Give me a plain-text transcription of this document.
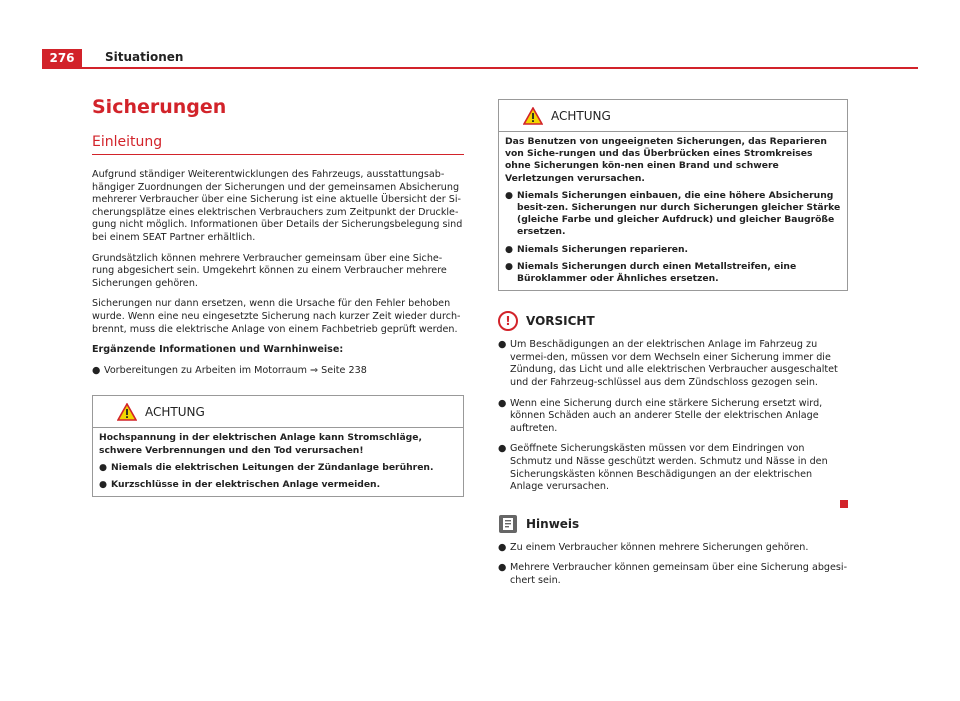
276	Situationen
Sicherungen
Einleitung

Aufgrund ständiger Weiterentwicklungen des Fahrzeugs, ausstattungsab-hängiger Zuordnungen der Sicherungen und der gemeinsamen Absicherung mehrerer Verbraucher über eine Sicherung ist eine aktuelle Übersicht der Si-cherungsplätze eines elektrischen Verbrauchers zum Zeitpunkt der Druckle-gung nicht möglich. Informationen über Details der Sicherungsbelegung sind bei einem SEAT Partner erhältlich.

Grundsätzlich können mehrere Verbraucher gemeinsam über eine Siche-rung abgesichert sein. Umgekehrt können zu einem Verbraucher mehrere Sicherungen gehören.

Sicherungen nur dann ersetzen, wenn die Ursache für den Fehler behoben wurde. Wenn eine neu eingesetzte Sicherung nach kurzer Zeit wieder durch-brennt, muss die elektrische Anlage von einem Fachbetrieb geprüft werden.

Ergänzende Informationen und Warnhinweise:

● Vorbereitungen zu Arbeiten im Motorraum ⇒ Seite 238

ACHTUNG

Hochspannung in der elektrischen Anlage kann Stromschläge, schwere Verbrennungen und den Tod verursachen!

● Niemals die elektrischen Leitungen der Zündanlage berühren.

● Kurzschlüsse in der elektrischen Anlage vermeiden.

ACHTUNG

Das Benutzen von ungeeigneten Sicherungen, das Reparieren von Siche-rungen und das Überbrücken eines Stromkreises ohne Sicherungen kön-nen einen Brand und schwere Verletzungen verursachen.

● Niemals Sicherungen einbauen, die eine höhere Absicherung besit-zen. Sicherungen nur durch Sicherungen gleicher Stärke (gleiche Farbe und gleicher Aufdruck) und gleicher Baugröße ersetzen.

● Niemals Sicherungen reparieren.

● Niemals Sicherungen durch einen Metallstreifen, eine Büroklammer oder Ähnliches ersetzen.

!	VORSICHT
● Um Beschädigungen an der elektrischen Anlage im Fahrzeug zu vermei-den, müssen vor dem Wechseln einer Sicherung immer die Zündung, das Licht und alle elektrischen Verbraucher ausgeschaltet und der Fahrzeug-schlüssel aus dem Zündschloss gezogen sein.

● Wenn eine Sicherung durch eine stärkere Sicherung ersetzt wird, können Schäden auch an anderer Stelle der elektrischen Anlage auftreten.

● Geöffnete Sicherungskästen müssen vor dem Eindringen von Schmutz und Nässe geschützt werden. Schmutz und Nässe in den Sicherungskästen können Beschädigungen an der elektrischen Anlage verursachen.

Hinweis
● Zu einem Verbraucher können mehrere Sicherungen gehören.

● Mehrere Verbraucher können gemeinsam über eine Sicherung abgesi-chert sein.
